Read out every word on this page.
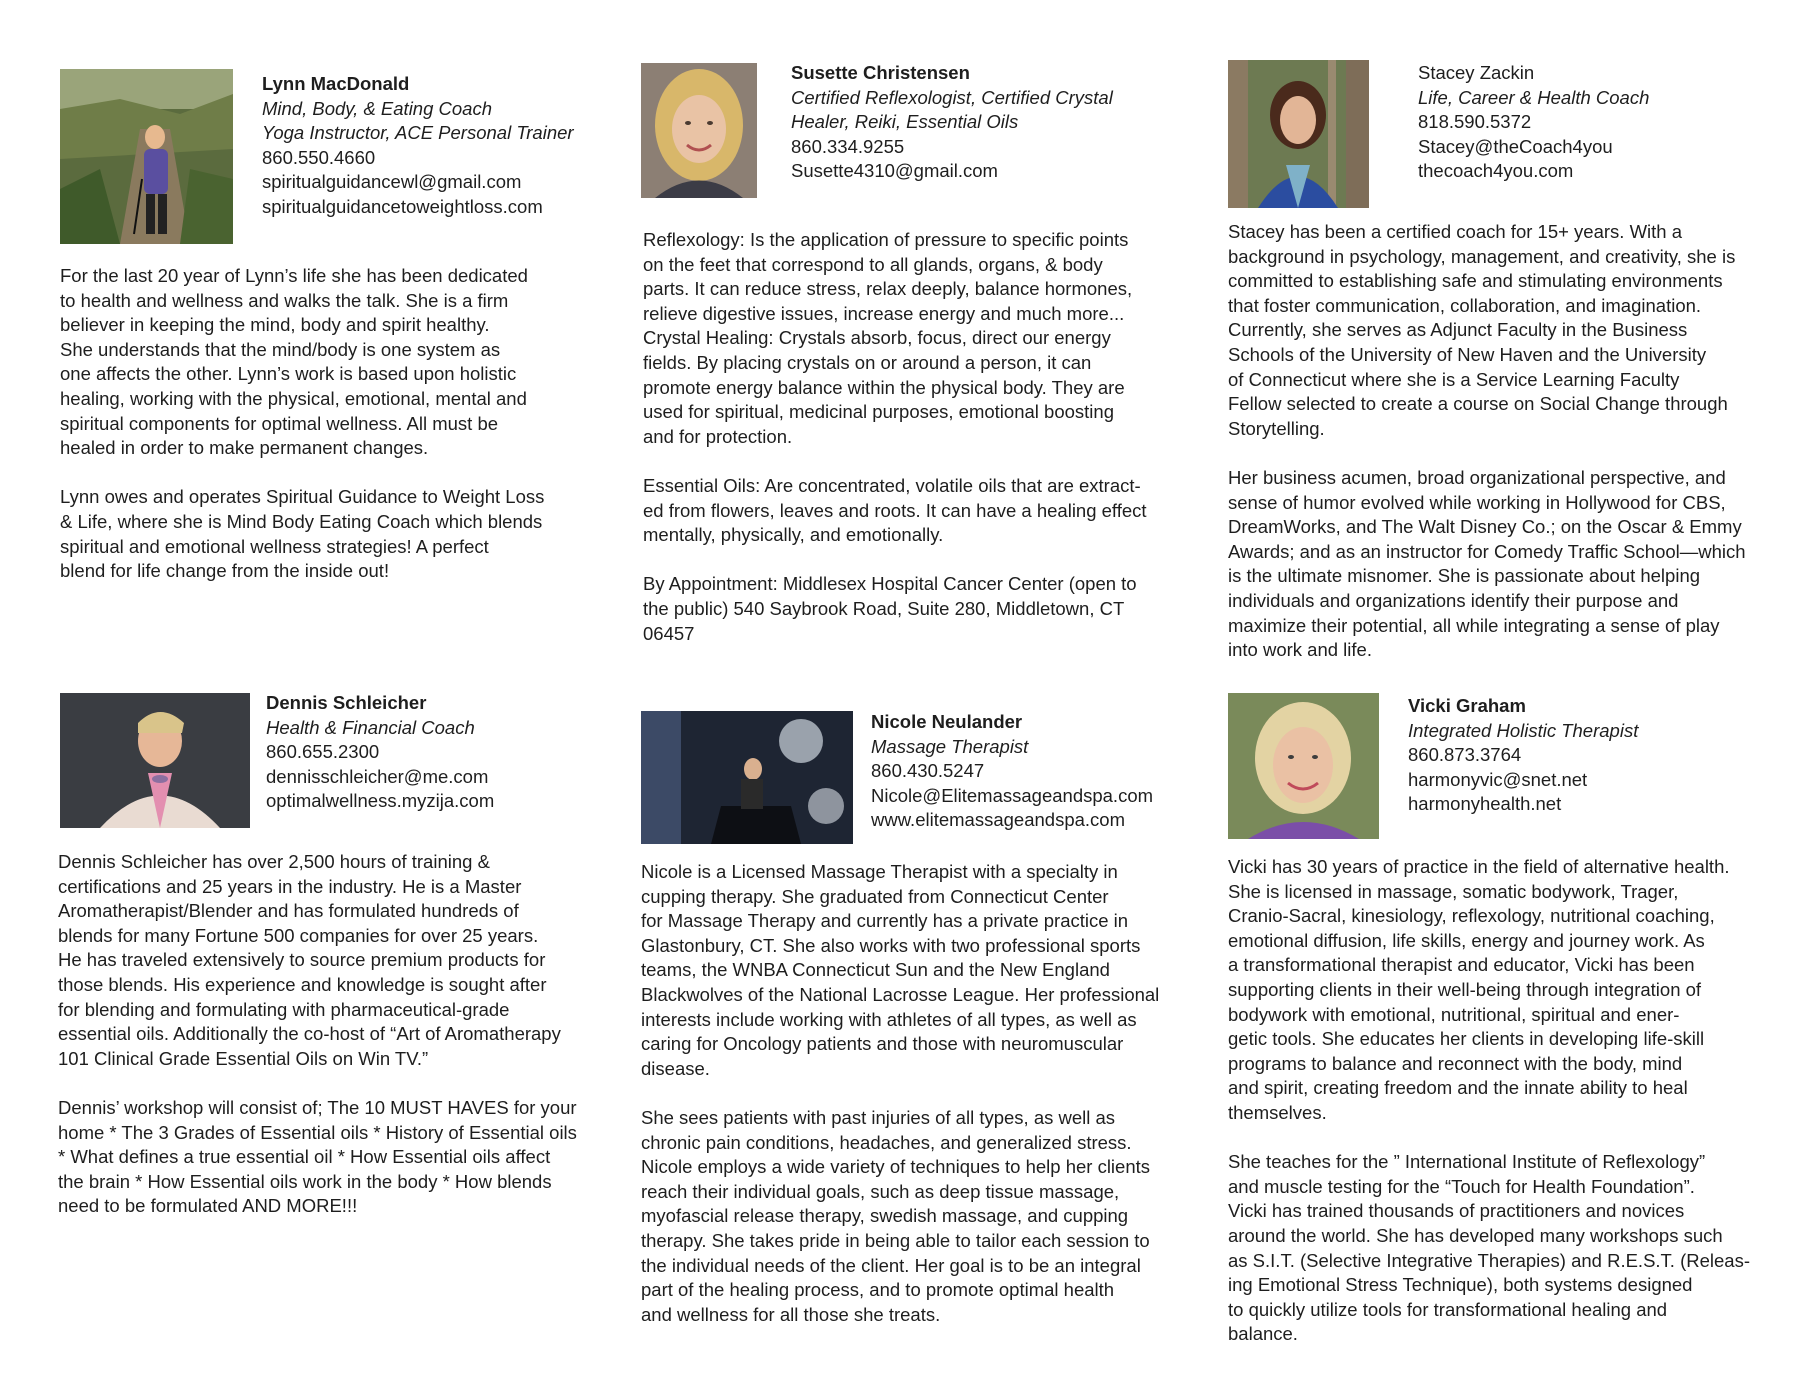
Lynn MacDonald
Mind, Body, & Eating Coach
Yoga Instructor, ACE Personal Trainer
860.550.4660
spiritualguidancewl@gmail.com
spiritualguidancetoweightloss.com

For the last 20 year of Lynn’s life she has been dedicated
to health and wellness and walks the talk. She is a firm
believer in keeping the mind, body and spirit healthy.
She understands that the mind/body is one system as
one affects the other. Lynn’s work is based upon holistic
healing, working with the physical, emotional, mental and
spiritual components for optimal wellness. All must be
healed in order to make permanent changes.

Lynn owes and operates Spiritual Guidance to Weight Loss
& Life, where she is Mind Body Eating Coach which blends
spiritual and emotional wellness strategies! A perfect
blend for life change from the inside out!

Susette Christensen
Certified Reflexologist, Certified Crystal
Healer, Reiki, Essential Oils
860.334.9255
Susette4310@gmail.com

Reflexology: Is the application of pressure to specific points
on the feet that correspond to all glands, organs, & body
parts. It can reduce stress, relax deeply, balance hormones,
relieve digestive issues, increase energy and much more...
Crystal Healing: Crystals absorb, focus, direct our energy
fields. By placing crystals on or around a person, it can
promote energy balance within the physical body. They are
used for spiritual, medicinal purposes, emotional boosting
and for protection.

Essential Oils: Are concentrated, volatile oils that are extract-
ed from flowers, leaves and roots. It can have a healing effect
mentally, physically, and emotionally.

By Appointment: Middlesex Hospital Cancer Center (open to
the public) 540 Saybrook Road, Suite 280, Middletown, CT
06457

Stacey Zackin
Life, Career & Health Coach
818.590.5372
Stacey@theCoach4you
thecoach4you.com

Stacey has been a certified coach for 15+ years. With a
background in psychology, management, and creativity, she is
committed to establishing safe and stimulating environments
that foster communication, collaboration, and imagination.
Currently, she serves as Adjunct Faculty in the Business
Schools of the University of New Haven and the University
of Connecticut where she is a Service Learning Faculty
Fellow selected to create a course on Social Change through
Storytelling.

Her business acumen, broad organizational perspective, and
sense of humor evolved while working in Hollywood for CBS,
DreamWorks, and The Walt Disney Co.; on the Oscar & Emmy
Awards; and as an instructor for Comedy Traffic School—which
is the ultimate misnomer. She is passionate about helping
individuals and organizations identify their purpose and
maximize their potential, all while integrating a sense of play
into work and life.

Dennis Schleicher
Health & Financial Coach
860.655.2300
dennisschleicher@me.com
optimalwellness.myzija.com

Dennis Schleicher has over 2,500 hours of training &
certifications and 25 years in the industry. He is a Master
Aromatherapist/Blender and has formulated hundreds of
blends for many Fortune 500 companies for over 25 years.
He has traveled extensively to source premium products for
those blends. His experience and knowledge is sought after
for blending and formulating with pharmaceutical-grade
essential oils. Additionally the co-host of “Art of Aromatherapy
101 Clinical Grade Essential Oils on Win TV.”

Dennis’ workshop will consist of; The 10 MUST HAVES for your
home * The 3 Grades of Essential oils * History of Essential oils
* What defines a true essential oil * How Essential oils affect
the brain * How Essential oils work in the body * How blends
need to be formulated AND MORE!!!

Nicole Neulander
Massage Therapist
860.430.5247
Nicole@Elitemassageandspa.com
www.elitemassageandspa.com

Nicole is a Licensed Massage Therapist with a specialty in
cupping therapy. She graduated from Connecticut Center
for Massage Therapy and currently has a private practice in
Glastonbury, CT. She also works with two professional sports
teams, the WNBA Connecticut Sun and the New England
Blackwolves of the National Lacrosse League. Her professional
interests include working with athletes of all types, as well as
caring for Oncology patients and those with neuromuscular
disease.

She sees patients with past injuries of all types, as well as
chronic pain conditions, headaches, and generalized stress.
Nicole employs a wide variety of techniques to help her clients
reach their individual goals, such as deep tissue massage,
myofascial release therapy, swedish massage, and cupping
therapy. She takes pride in being able to tailor each session to
the individual needs of the client. Her goal is to be an integral
part of the healing process, and to promote optimal health
and wellness for all those she treats.

Vicki Graham
Integrated Holistic Therapist
860.873.3764
harmonyvic@snet.net
harmonyhealth.net

Vicki has 30 years of practice in the field of alternative health.
She is licensed in massage, somatic bodywork, Trager,
Cranio-Sacral, kinesiology, reflexology, nutritional coaching,
emotional diffusion, life skills, energy and journey work. As
a transformational therapist and educator, Vicki has been
supporting clients in their well-being through integration of
bodywork with emotional, nutritional, spiritual and ener-
getic tools. She educates her clients in developing life-skill
programs to balance and reconnect with the body, mind
and spirit, creating freedom and the innate ability to heal
themselves.

She teaches for the ” International Institute of Reflexology”
and muscle testing for the “Touch for Health Foundation”.
Vicki has trained thousands of practitioners and novices
around the world. She has developed many workshops such
as S.I.T. (Selective Integrative Therapies) and R.E.S.T. (Releas-
ing Emotional Stress Technique), both systems designed
to quickly utilize tools for transformational healing and
balance.
